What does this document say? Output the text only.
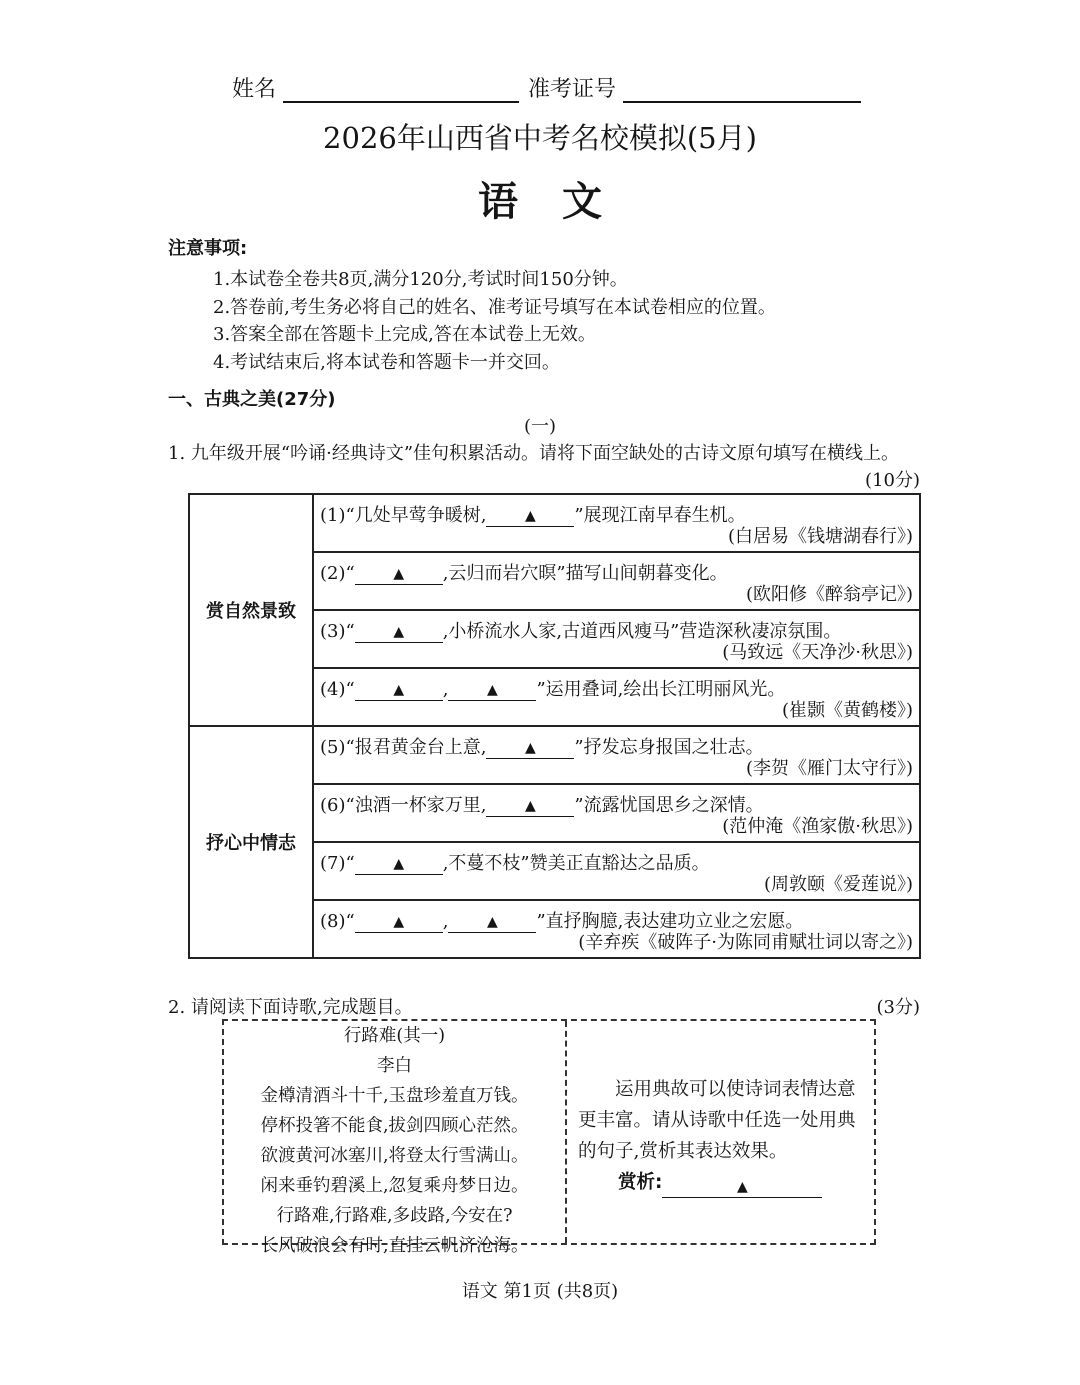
姓名	准考证号
2026年山西省中考名校模拟(5月)
语文
注意事项:
1.本试卷全卷共8页,满分120分,考试时间150分钟。
2.答卷前,考生务必将自己的姓名、准考证号填写在本试卷相应的位置。
3.答案全部在答题卡上完成,答在本试卷上无效。
4.考试结束后,将本试卷和答题卡一并交回。
一、古典之美(27分)
(一)
1. 九年级开展“吟诵·经典诗文”佳句积累活动。请将下面空缺处的古诗文原句填写在横线上。
(10分)
赏自然景致	(1)“几处早莺争暖树, ▲ ”展现江南早春生机。
(白居易《钱塘湖春行》)

	(2)“ ▲ ,云归而岩穴暝”描写山间朝暮变化。
(欧阳修《醉翁亭记》)

	(3)“ ▲ ,小桥流水人家,古道西风瘦马”营造深秋凄凉氛围。
(马致远《天净沙·秋思》)

	(4)“ ▲ , ▲ ”运用叠词,绘出长江明丽风光。
(崔颢《黄鹤楼》)

抒心中情志	(5)“报君黄金台上意, ▲ ”抒发忘身报国之壮志。
(李贺《雁门太守行》)

	(6)“浊酒一杯家万里, ▲ ”流露忧国思乡之深情。
(范仲淹《渔家傲·秋思》)

	(7)“ ▲ ,不蔓不枝”赞美正直豁达之品质。
(周敦颐《爱莲说》)

	(8)“ ▲ , ▲ ”直抒胸臆,表达建功立业之宏愿。
(辛弃疾《破阵子·为陈同甫赋壮词以寄之》)
2. 请阅读下面诗歌,完成题目。	(3分)
行路难(其一)
李白
金樽清酒斗十千,玉盘珍羞直万钱。
停杯投箸不能食,拔剑四顾心茫然。
欲渡黄河冰塞川,将登太行雪满山。
闲来垂钓碧溪上,忽复乘舟梦日边。
行路难,行路难,多歧路,今安在?
长风破浪会有时,直挂云帆济沧海。
运用典故可以使诗词表情达意更丰富。请从诗歌中任选一处用典的句子,赏析其表达效果。
赏析:	▲
语文 第1页 (共8页)
